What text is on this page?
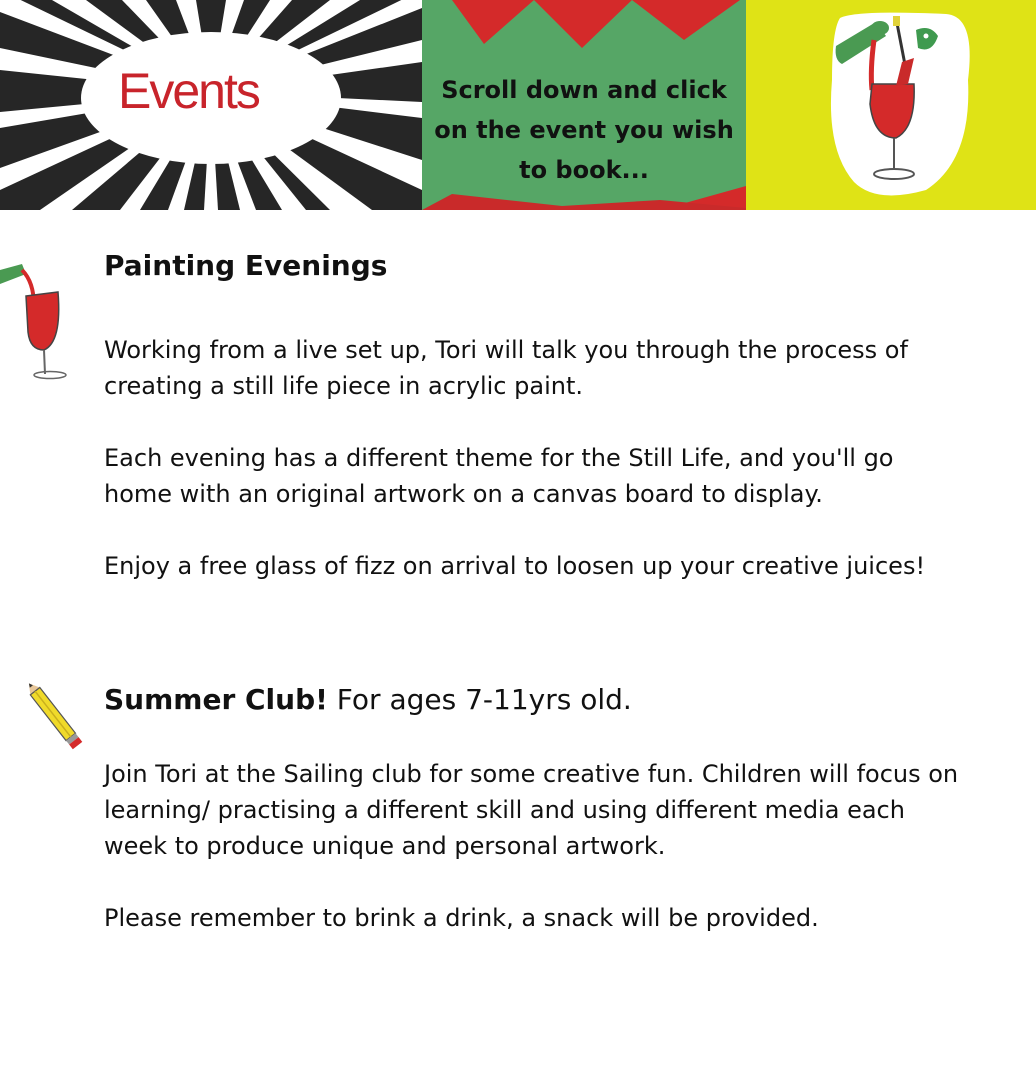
Events	Scroll down and click on the event you wish to book...

Painting Evenings

Working from a live set up, Tori will talk you through the process of creating a still life piece in acrylic paint.

Each evening has a different theme for the Still Life, and you'll go home with an original artwork on a canvas board to display.

Enjoy a free glass of fizz on arrival to loosen up your creative juices!

Summer Club! For ages 7-11yrs old.

Join Tori at the Sailing club for some creative fun. Children will focus on learning/ practising a different skill and using different media each week to produce unique and personal artwork.

Please remember to brink a drink, a snack will be provided.
